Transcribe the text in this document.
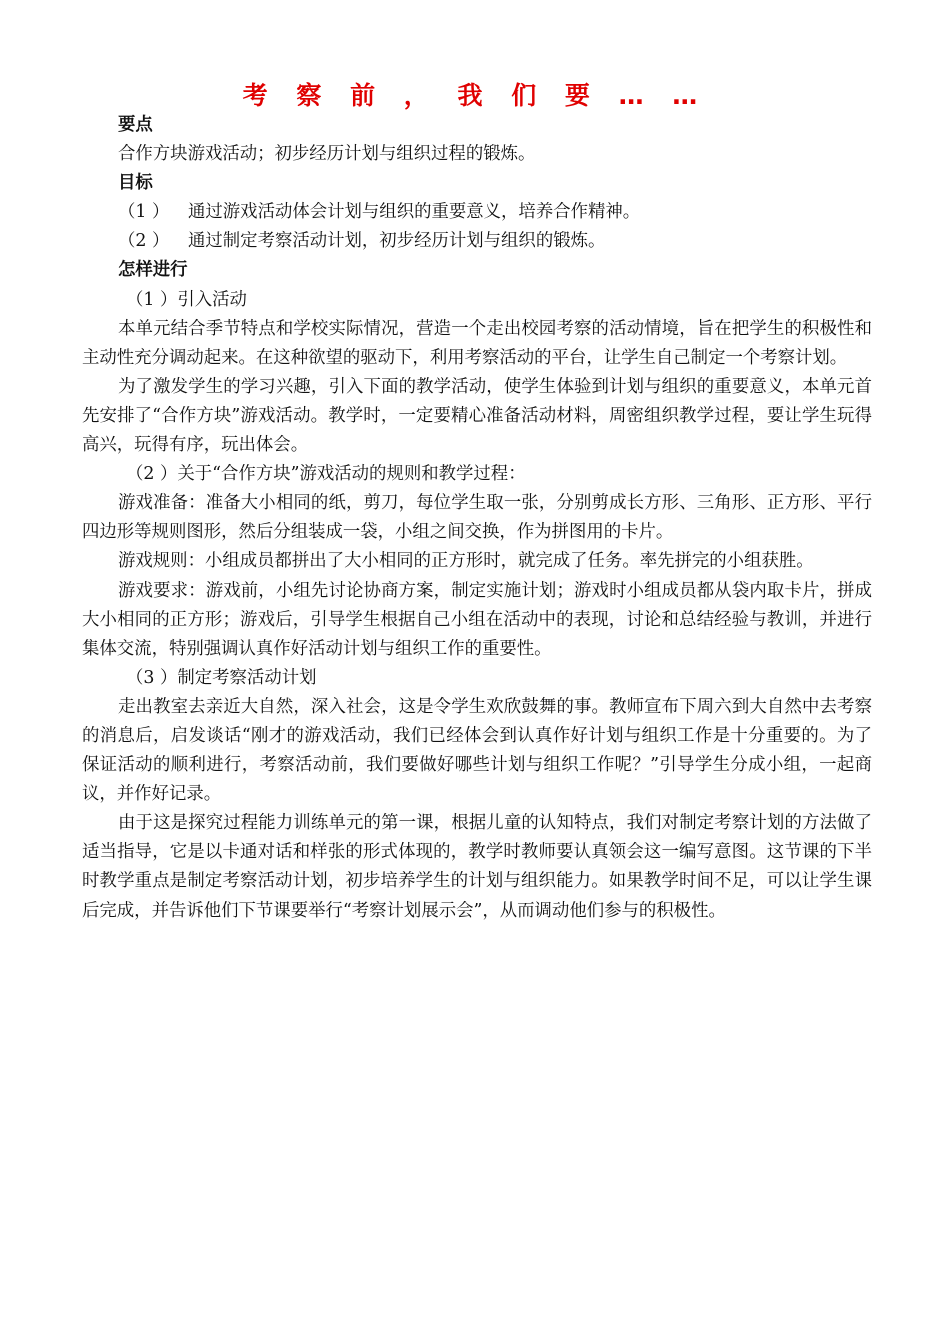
考 察 前 ， 我 们 要 … …

要点

合作方块游戏活动；初步经历计划与组织过程的锻炼。

目标

（1 ） 通过游戏活动体会计划与组织的重要意义，培养合作精神。

（2 ） 通过制定考察活动计划，初步经历计划与组织的锻炼。

怎样进行

（1 ）引入活动

本单元结合季节特点和学校实际情况，营造一个走出校园考察的活动情境，旨在把学生的积极性和主动性充分调动起来。在这种欲望的驱动下，利用考察活动的平台，让学生自己制定一个考察计划。

为了激发学生的学习兴趣，引入下面的教学活动，使学生体验到计划与组织的重要意义，本单元首先安排了“合作方块”游戏活动。教学时，一定要精心准备活动材料，周密组织教学过程，要让学生玩得高兴，玩得有序，玩出体会。

（2 ）关于“合作方块”游戏活动的规则和教学过程：

游戏准备：准备大小相同的纸，剪刀，每位学生取一张，分别剪成长方形、三角形、正方形、平行四边形等规则图形，然后分组装成一袋，小组之间交换，作为拼图用的卡片。

游戏规则：小组成员都拼出了大小相同的正方形时，就完成了任务。率先拼完的小组获胜。

游戏要求：游戏前，小组先讨论协商方案，制定实施计划；游戏时小组成员都从袋内取卡片，拼成大小相同的正方形；游戏后，引导学生根据自己小组在活动中的表现，讨论和总结经验与教训，并进行集体交流，特别强调认真作好活动计划与组织工作的重要性。

（3 ）制定考察活动计划

走出教室去亲近大自然，深入社会，这是令学生欢欣鼓舞的事。教师宣布下周六到大自然中去考察的消息后，启发谈话“刚才的游戏活动，我们已经体会到认真作好计划与组织工作是十分重要的。为了保证活动的顺利进行，考察活动前，我们要做好哪些计划与组织工作呢？”引导学生分成小组，一起商议，并作好记录。

由于这是探究过程能力训练单元的第一课，根据儿童的认知特点，我们对制定考察计划的方法做了适当指导，它是以卡通对话和样张的形式体现的，教学时教师要认真领会这一编写意图。这节课的下半时教学重点是制定考察活动计划，初步培养学生的计划与组织能力。如果教学时间不足，可以让学生课后完成，并告诉他们下节课要举行“考察计划展示会”，从而调动他们参与的积极性。
